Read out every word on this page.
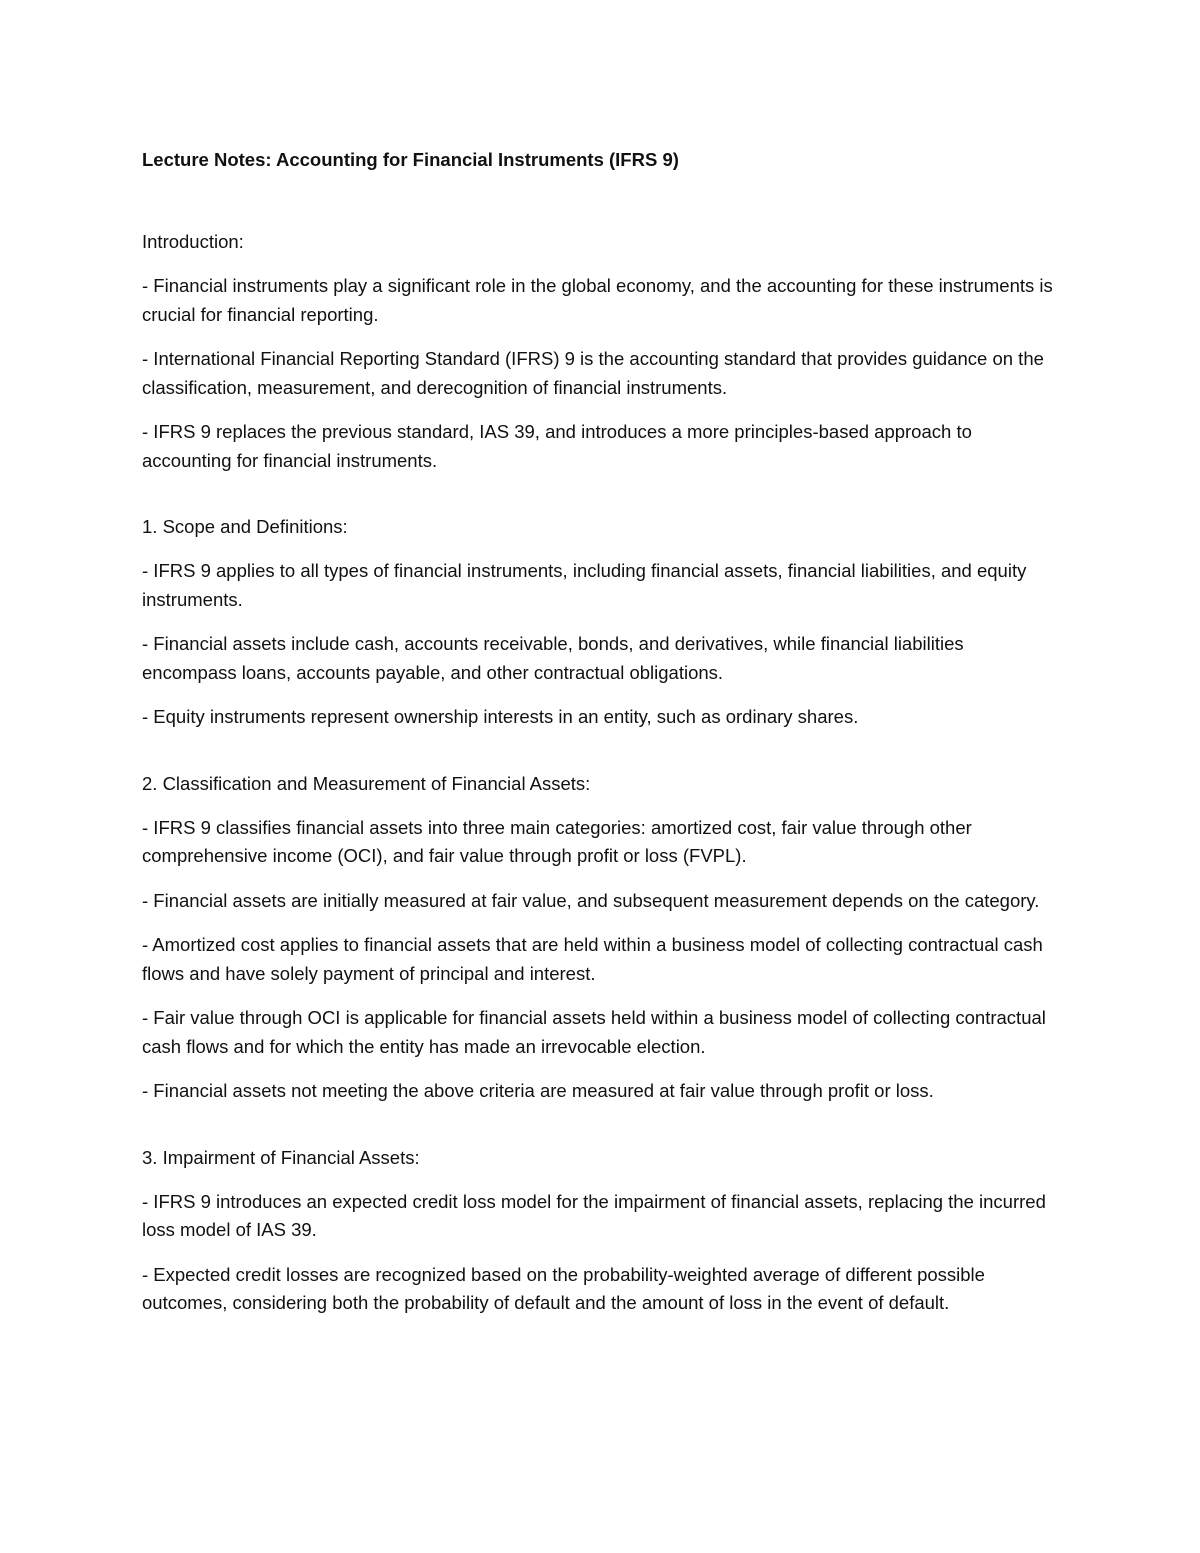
Lecture Notes: Accounting for Financial Instruments (IFRS 9)
Introduction:
- Financial instruments play a significant role in the global economy, and the accounting for these instruments is crucial for financial reporting.
- International Financial Reporting Standard (IFRS) 9 is the accounting standard that provides guidance on the classification, measurement, and derecognition of financial instruments.
- IFRS 9 replaces the previous standard, IAS 39, and introduces a more principles-based approach to accounting for financial instruments.
1. Scope and Definitions:
- IFRS 9 applies to all types of financial instruments, including financial assets, financial liabilities, and equity instruments.
- Financial assets include cash, accounts receivable, bonds, and derivatives, while financial liabilities encompass loans, accounts payable, and other contractual obligations.
- Equity instruments represent ownership interests in an entity, such as ordinary shares.
2. Classification and Measurement of Financial Assets:
- IFRS 9 classifies financial assets into three main categories: amortized cost, fair value through other comprehensive income (OCI), and fair value through profit or loss (FVPL).
- Financial assets are initially measured at fair value, and subsequent measurement depends on the category.
- Amortized cost applies to financial assets that are held within a business model of collecting contractual cash flows and have solely payment of principal and interest.
- Fair value through OCI is applicable for financial assets held within a business model of collecting contractual cash flows and for which the entity has made an irrevocable election.
- Financial assets not meeting the above criteria are measured at fair value through profit or loss.
3. Impairment of Financial Assets:
- IFRS 9 introduces an expected credit loss model for the impairment of financial assets, replacing the incurred loss model of IAS 39.
- Expected credit losses are recognized based on the probability-weighted average of different possible outcomes, considering both the probability of default and the amount of loss in the event of default.
